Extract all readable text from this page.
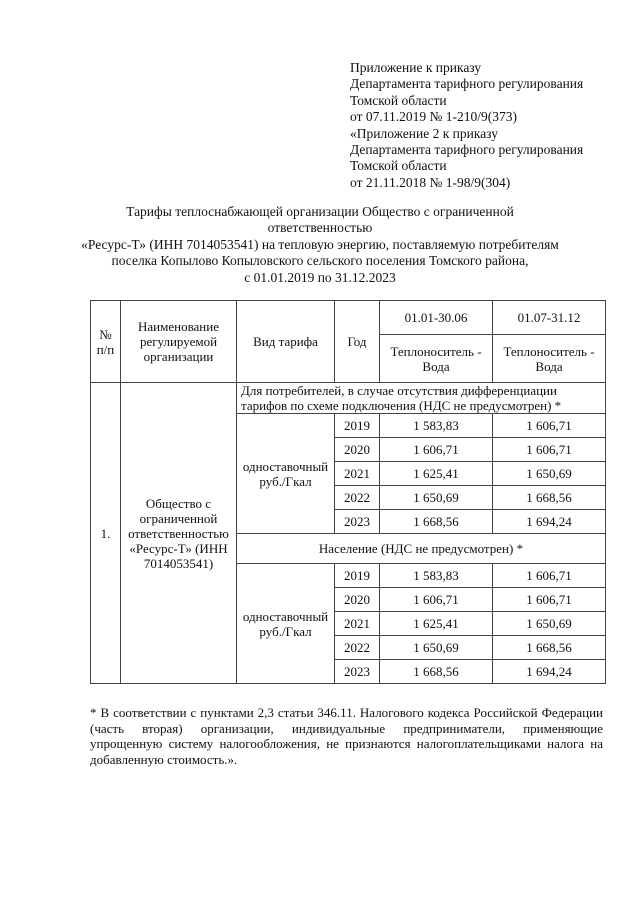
Приложение к приказу
Департамента тарифного регулирования
Томской области
от 07.11.2019 № 1-210/9(373)
«Приложение 2 к приказу
Департамента тарифного регулирования
Томской области
от 21.11.2018 № 1-98/9(304)
Тарифы теплоснабжающей организации Общество с ограниченной ответственностью
«Ресурс-Т» (ИНН 7014053541) на тепловую энергию, поставляемую потребителям
поселка Копылово Копыловского сельского поселения Томского района,
с 01.01.2019 по 31.12.2023
№ п/п	Наименование регулируемой организации	Вид тарифа	Год	01.01-30.06	01.07-31.12
				Теплоноситель - Вода	Теплоноситель - Вода
1.	Общество с ограниченной ответственностью «Ресурс-Т» (ИНН 7014053541)	Для потребителей, в случае отсутствия дифференциации тарифов по схеме подключения (НДС не предусмотрен) *			
		одноставочный руб./Гкал	2019	1 583,83	1 606,71
			2020	1 606,71	1 606,71
			2021	1 625,41	1 650,69
			2022	1 650,69	1 668,56
			2023	1 668,56	1 694,24
		Население (НДС не предусмотрен) *			
		одноставочный руб./Гкал	2019	1 583,83	1 606,71
			2020	1 606,71	1 606,71
			2021	1 625,41	1 650,69
			2022	1 650,69	1 668,56
			2023	1 668,56	1 694,24
* В соответствии с пунктами 2,3 статьи 346.11. Налогового кодекса Российской Федерации (часть вторая) организации, индивидуальные предприниматели, применяющие упрощенную систему налогообложения, не признаются налогоплательщиками налога на добавленную стоимость.».
